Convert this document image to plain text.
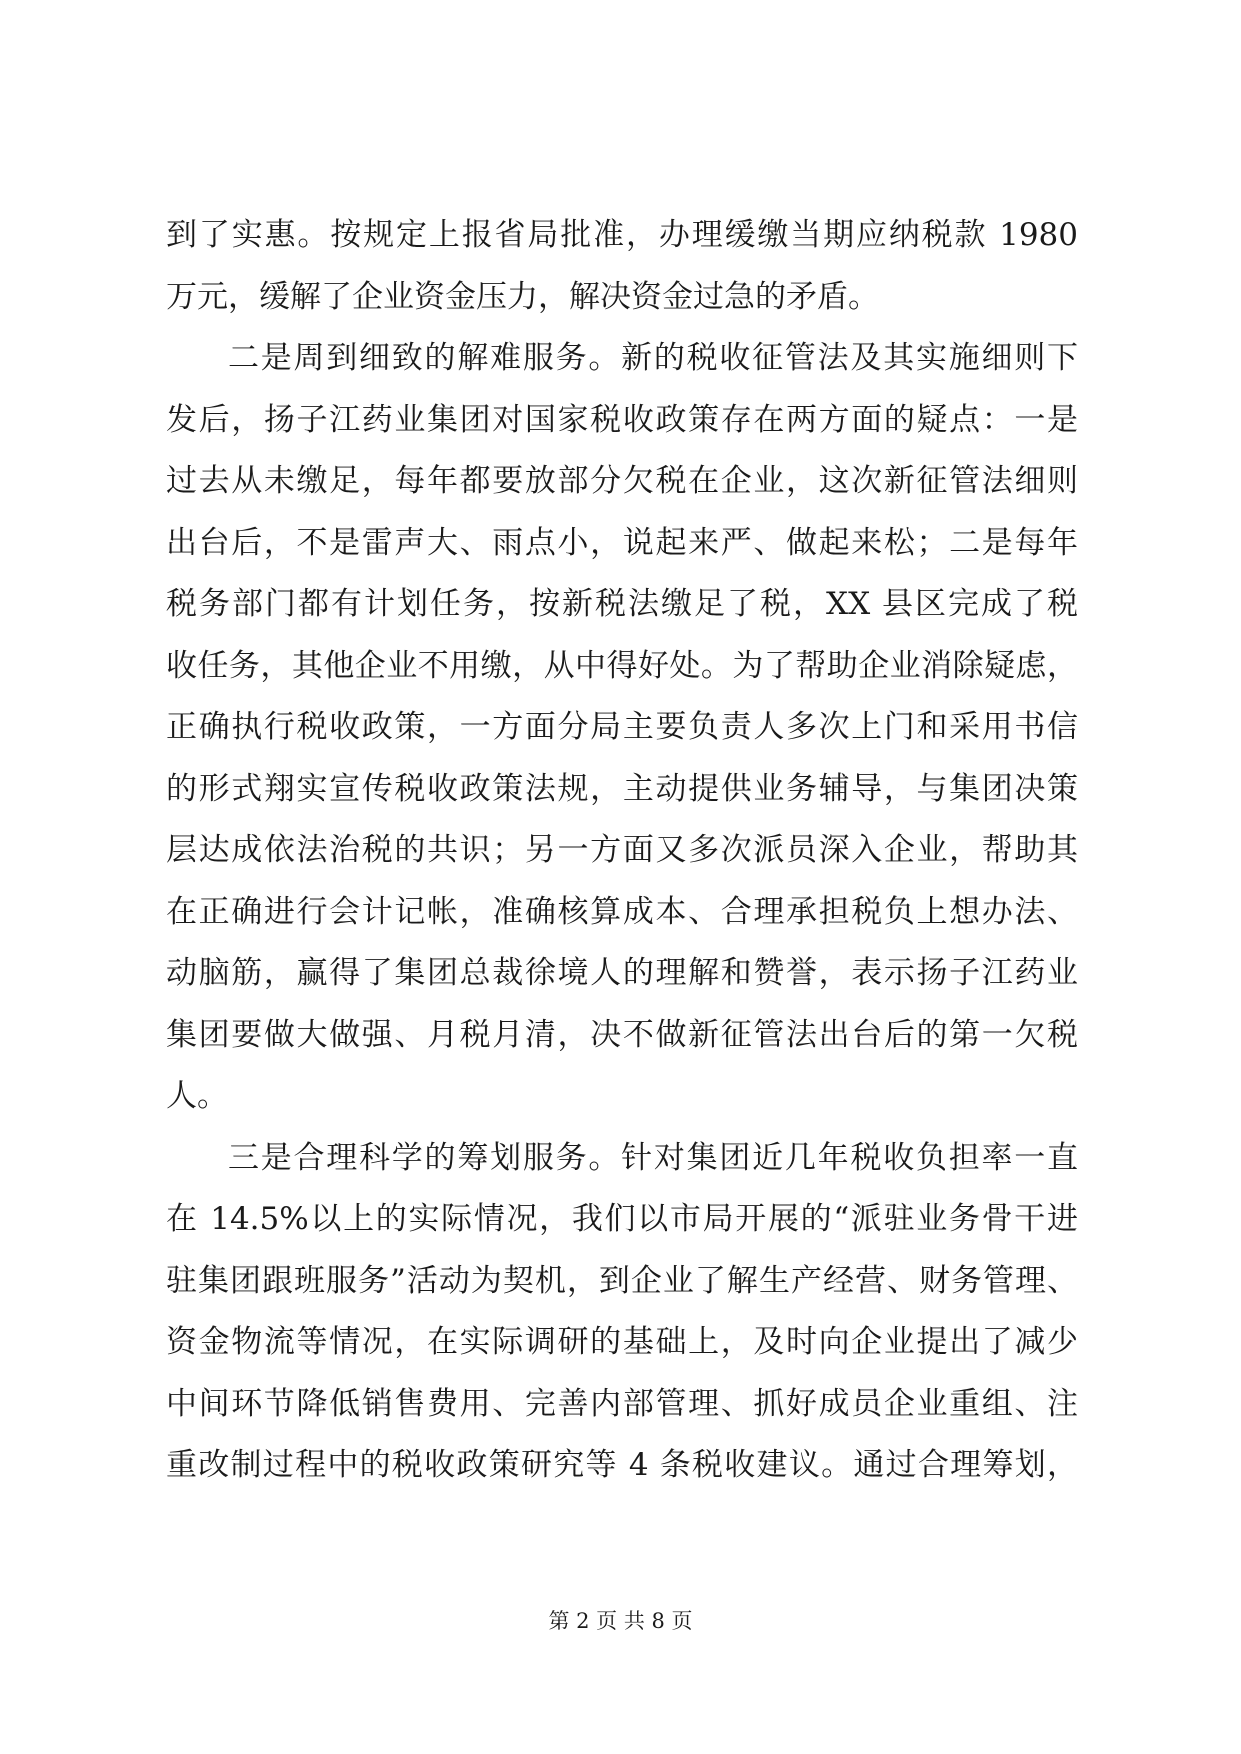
到了实惠。按规定上报省局批准，办理缓缴当期应纳税款 1980
万元，缓解了企业资金压力，解决资金过急的矛盾。
二是周到细致的解难服务。新的税收征管法及其实施细则下
发后，扬子江药业集团对国家税收政策存在两方面的疑点：一是
过去从未缴足，每年都要放部分欠税在企业，这次新征管法细则
出台后，不是雷声大、雨点小，说起来严、做起来松；二是每年
税务部门都有计划任务，按新税法缴足了税，XX 县区完成了税
收任务，其他企业不用缴，从中得好处。为了帮助企业消除疑虑，
正确执行税收政策，一方面分局主要负责人多次上门和采用书信
的形式翔实宣传税收政策法规，主动提供业务辅导，与集团决策
层达成依法治税的共识；另一方面又多次派员深入企业，帮助其
在正确进行会计记帐，准确核算成本、合理承担税负上想办法、
动脑筋，赢得了集团总裁徐境人的理解和赞誉，表示扬子江药业
集团要做大做强、月税月清，决不做新征管法出台后的第一欠税
人。
三是合理科学的筹划服务。针对集团近几年税收负担率一直
在 14.5%以上的实际情况，我们以市局开展的“派驻业务骨干进
驻集团跟班服务”活动为契机，到企业了解生产经营、财务管理、
资金物流等情况，在实际调研的基础上，及时向企业提出了减少
中间环节降低销售费用、完善内部管理、抓好成员企业重组、注
重改制过程中的税收政策研究等 4 条税收建议。通过合理筹划，
第 2 页 共 8 页
